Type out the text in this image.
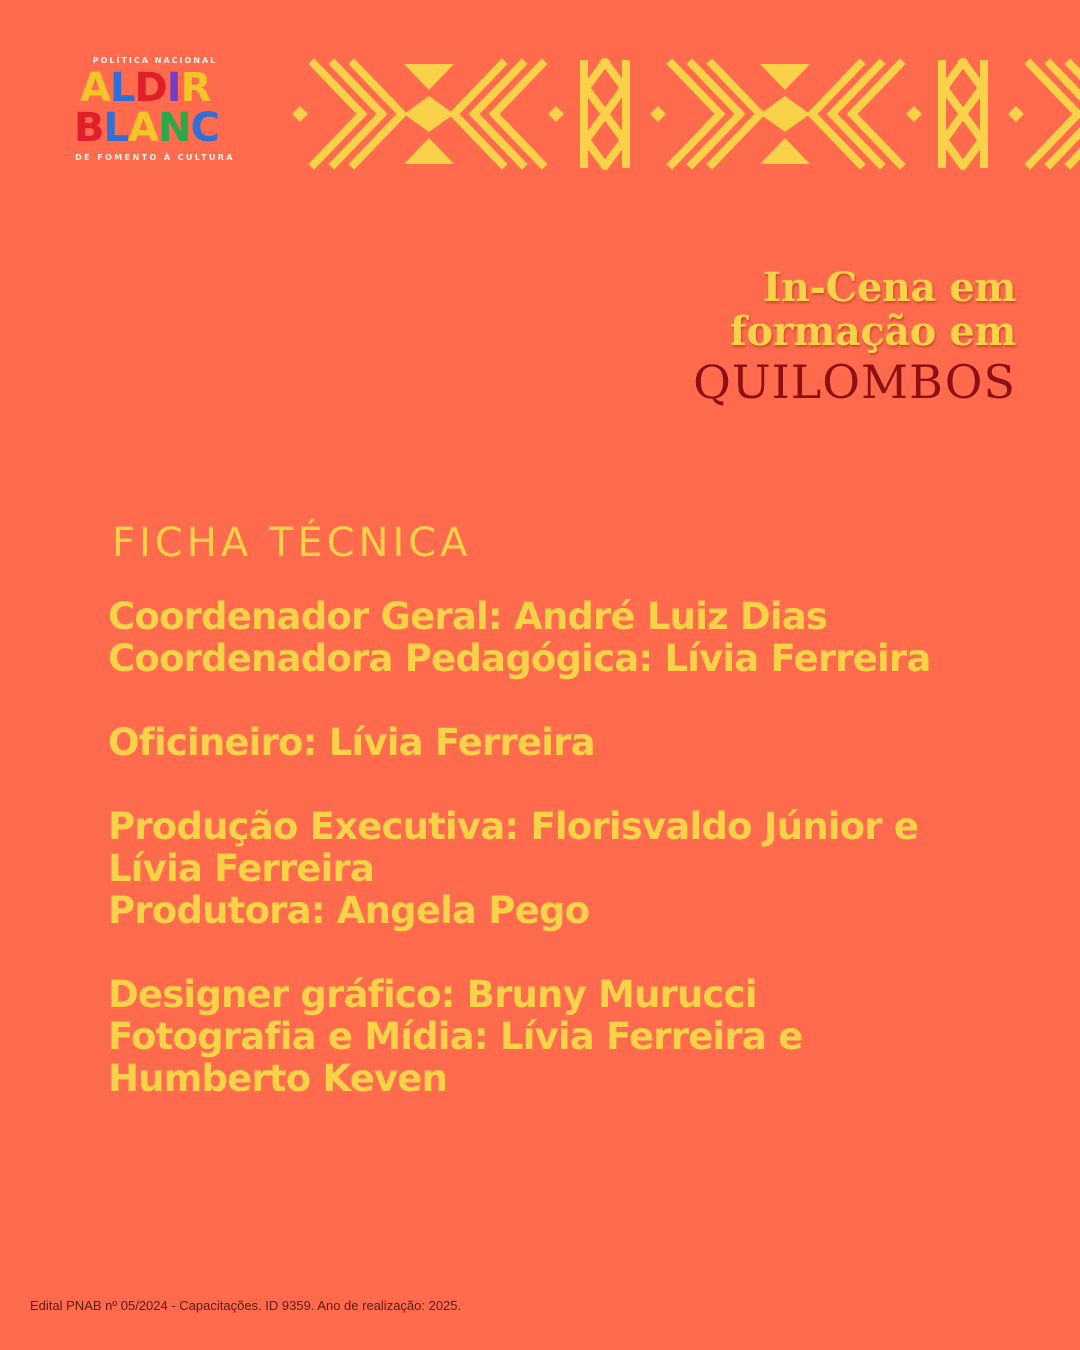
POLÍTICA NACIONAL
ALDIR
BLANC
DE FOMENTO À CULTURA
In-Cena em
formação em
QUILOMBOS
FICHA TÉCNICA
Coordenador Geral: André Luiz Dias
Coordenadora Pedagógica: Lívia Ferreira
Oficineiro: Lívia Ferreira
Produção Executiva: Florisvaldo Júnior e
Lívia Ferreira
Produtora: Angela Pego
Designer gráfico: Bruny Murucci
Fotografia e Mídia: Lívia Ferreira e
Humberto Keven
Edital PNAB nº 05/2024 - Capacitações. ID 9359. Ano de realização: 2025.
